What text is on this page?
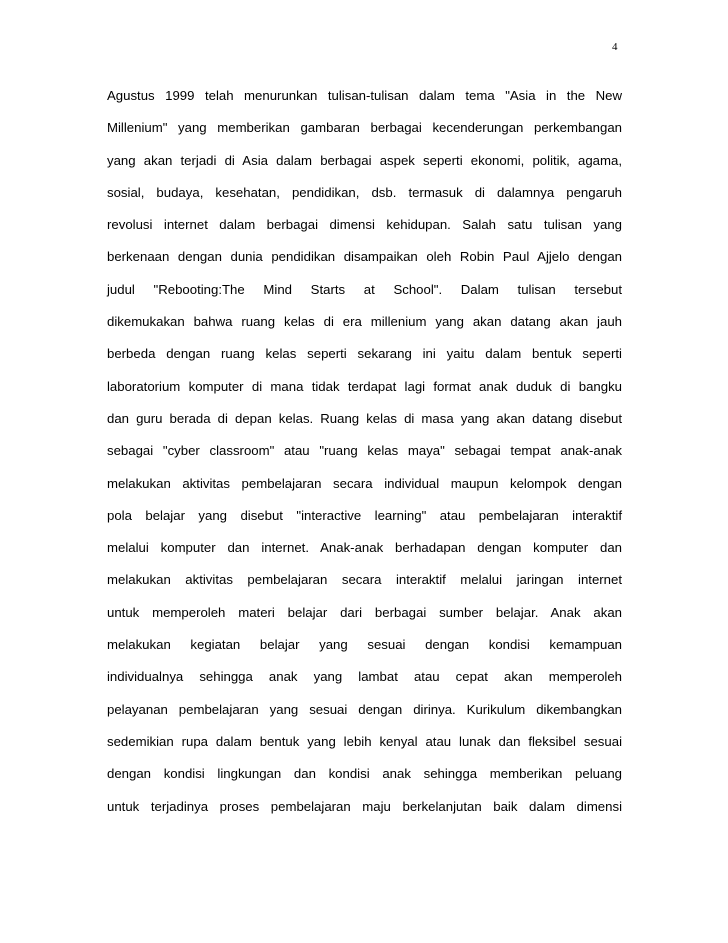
4
Agustus 1999 telah menurunkan tulisan-tulisan dalam tema "Asia in the New
Millenium" yang memberikan gambaran berbagai kecenderungan perkembangan
yang akan terjadi di Asia dalam berbagai aspek seperti ekonomi, politik, agama,
sosial, budaya, kesehatan, pendidikan, dsb. termasuk di dalamnya pengaruh
revolusi internet dalam berbagai dimensi kehidupan. Salah satu tulisan yang
berkenaan dengan dunia pendidikan disampaikan oleh Robin Paul Ajjelo dengan
judul "Rebooting:The Mind Starts at School". Dalam tulisan tersebut
dikemukakan bahwa ruang kelas di era millenium yang akan datang akan jauh
berbeda dengan ruang kelas seperti sekarang ini yaitu dalam bentuk seperti
laboratorium komputer di mana tidak terdapat lagi format anak duduk di bangku
dan guru berada di depan kelas. Ruang kelas di masa yang akan datang disebut
sebagai "cyber classroom" atau "ruang kelas maya" sebagai tempat anak-anak
melakukan aktivitas pembelajaran secara individual maupun kelompok dengan
pola belajar yang disebut "interactive learning" atau pembelajaran interaktif
melalui komputer dan internet. Anak-anak berhadapan dengan komputer dan
melakukan aktivitas pembelajaran secara interaktif melalui jaringan internet
untuk memperoleh materi belajar dari berbagai sumber belajar. Anak akan
melakukan kegiatan belajar yang sesuai dengan kondisi kemampuan
individualnya sehingga anak yang lambat atau cepat akan memperoleh
pelayanan pembelajaran yang sesuai dengan dirinya. Kurikulum dikembangkan
sedemikian rupa dalam bentuk yang lebih kenyal atau lunak dan fleksibel sesuai
dengan kondisi lingkungan dan kondisi anak sehingga memberikan peluang
untuk terjadinya proses pembelajaran maju berkelanjutan baik dalam dimensi
